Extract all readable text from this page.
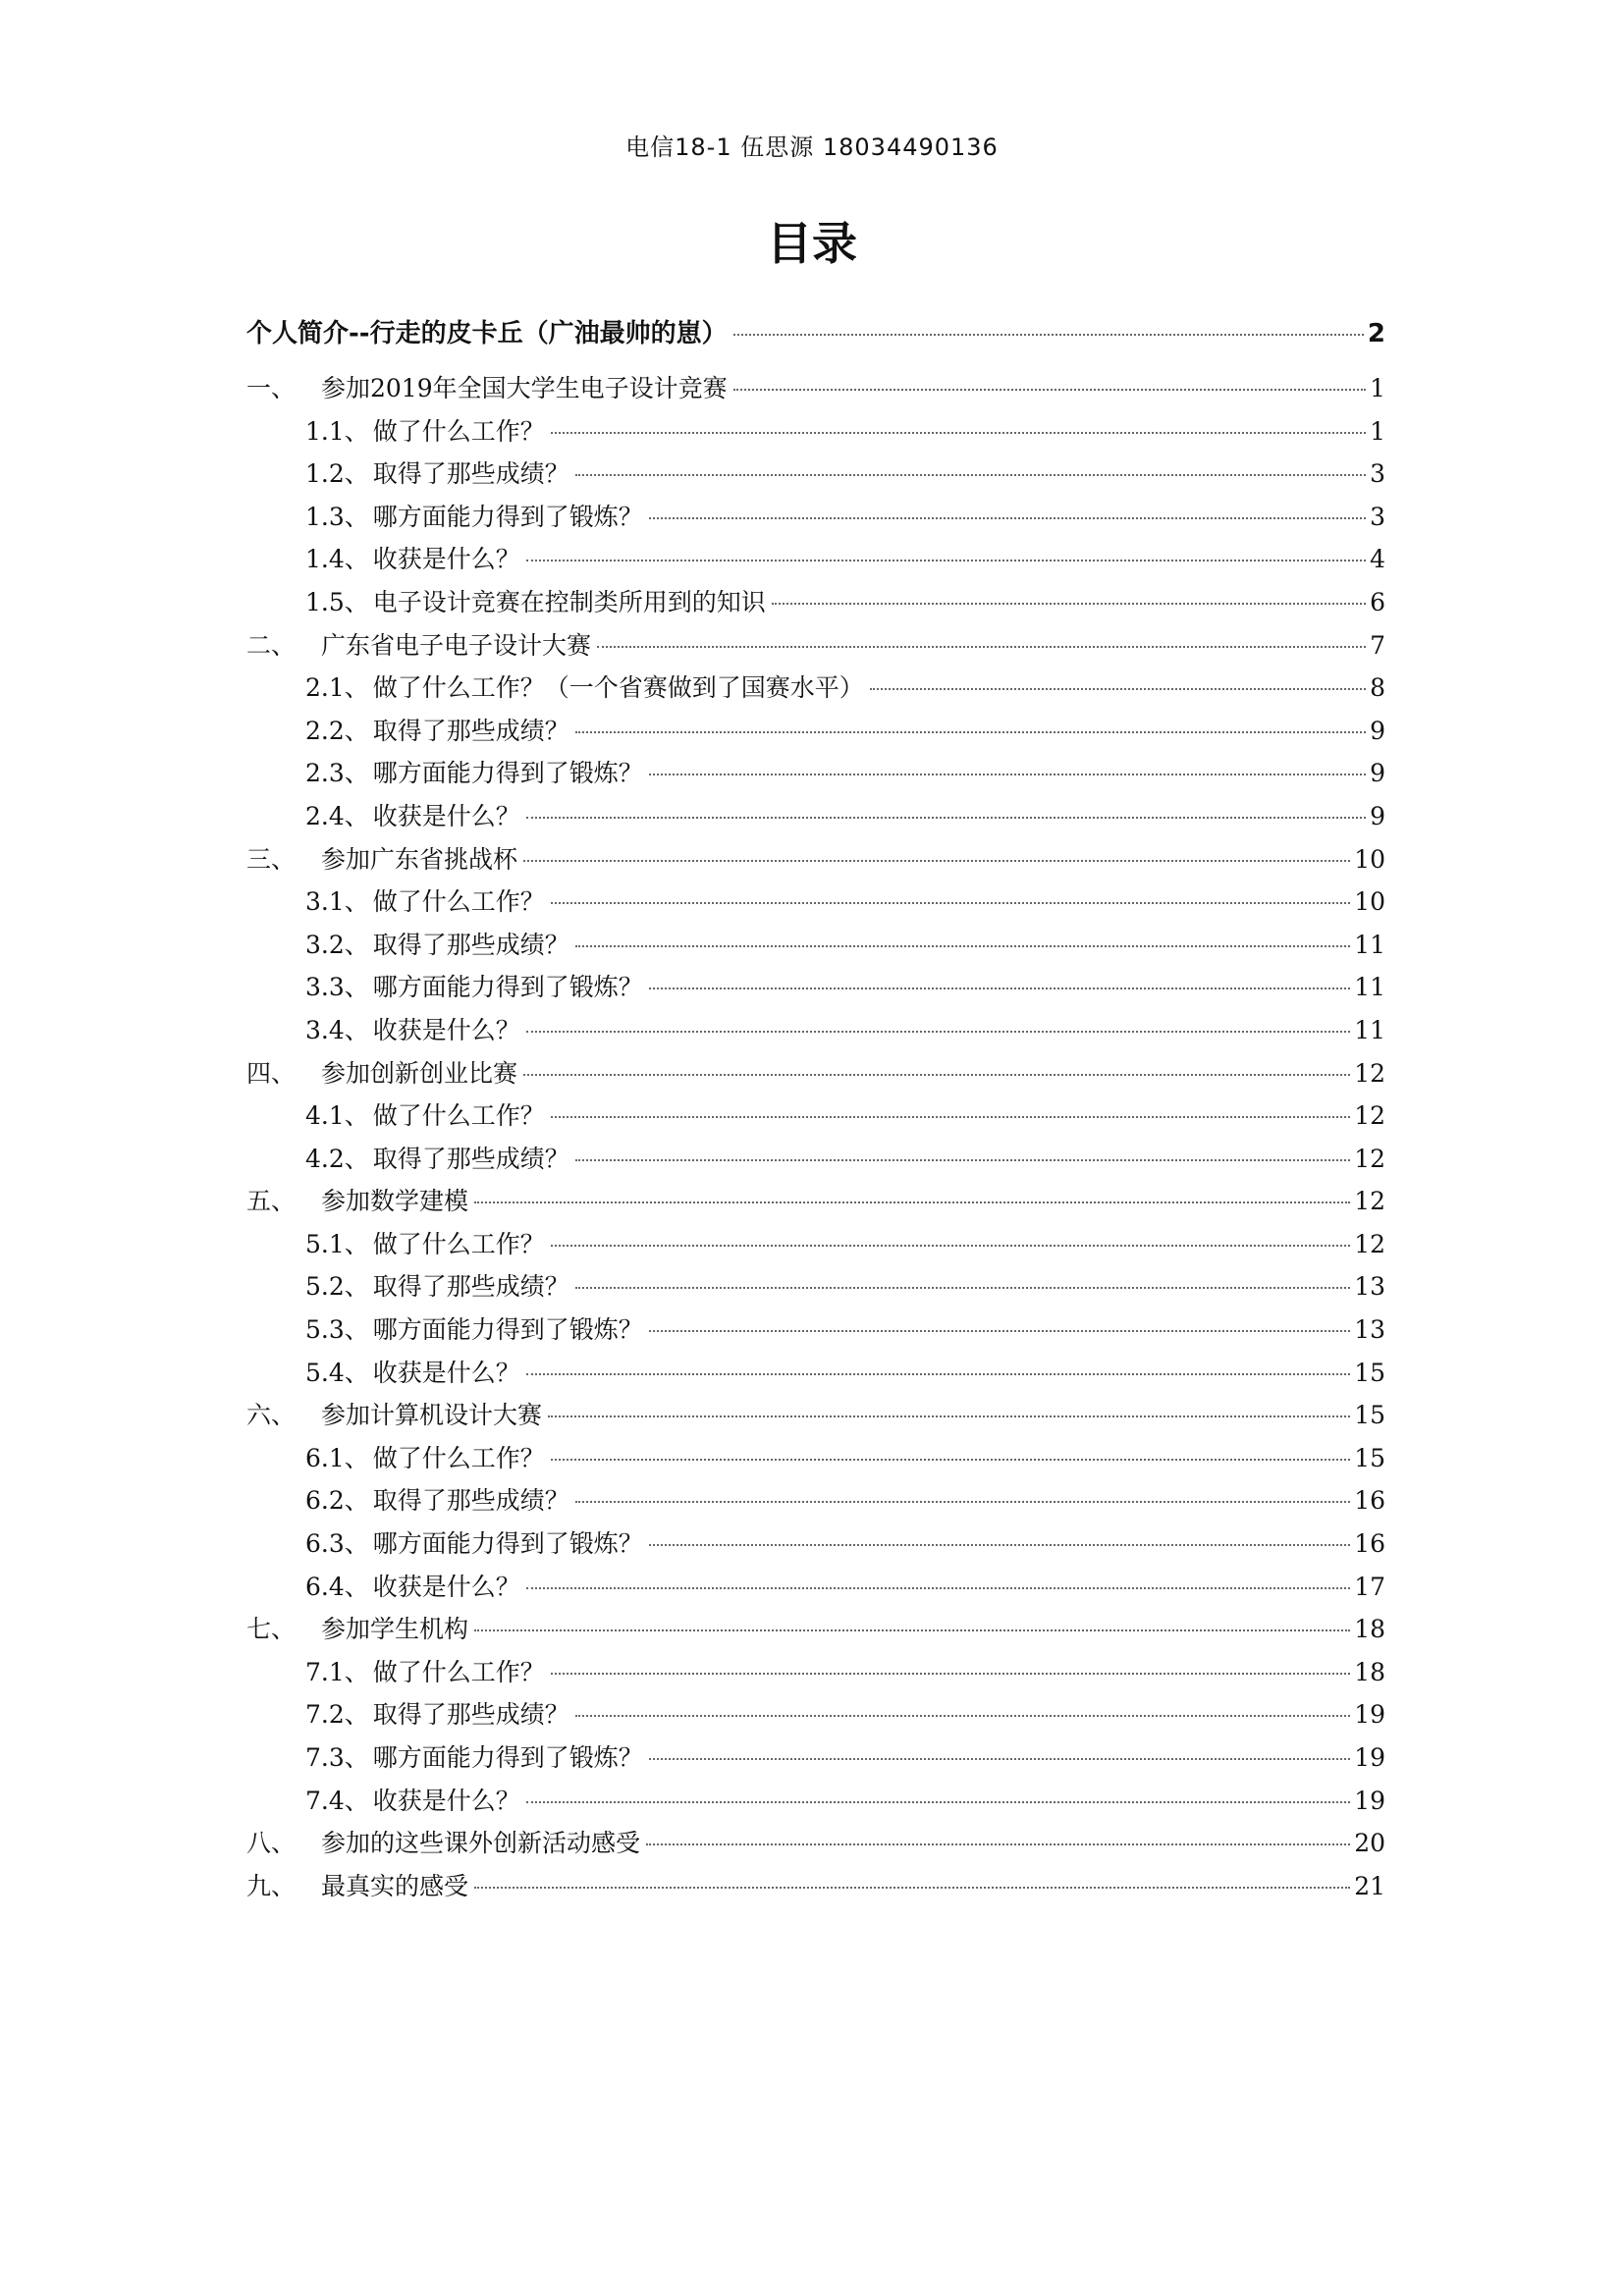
电信18-1 伍思源 18034490136
目录
个人简介--行走的皮卡丘（广油最帅的崽）	2
一、	参加2019年全国大学生电子设计竞赛	1
1.1、 做了什么工作？	1
1.2、 取得了那些成绩？	3
1.3、 哪方面能力得到了锻炼？	3
1.4、 收获是什么？	4
1.5、 电子设计竞赛在控制类所用到的知识	6
二、	广东省电子电子设计大赛	7
2.1、 做了什么工作？（一个省赛做到了国赛水平）	8
2.2、 取得了那些成绩？	9
2.3、 哪方面能力得到了锻炼？	9
2.4、 收获是什么？	9
三、	参加广东省挑战杯	10
3.1、 做了什么工作？	10
3.2、 取得了那些成绩？	11
3.3、 哪方面能力得到了锻炼？	11
3.4、 收获是什么？	11
四、	参加创新创业比赛	12
4.1、 做了什么工作？	12
4.2、 取得了那些成绩？	12
五、	参加数学建模	12
5.1、 做了什么工作？	12
5.2、 取得了那些成绩？	13
5.3、 哪方面能力得到了锻炼？	13
5.4、 收获是什么？	15
六、	参加计算机设计大赛	15
6.1、 做了什么工作？	15
6.2、 取得了那些成绩？	16
6.3、 哪方面能力得到了锻炼？	16
6.4、 收获是什么？	17
七、	参加学生机构	18
7.1、 做了什么工作？	18
7.2、 取得了那些成绩？	19
7.3、 哪方面能力得到了锻炼？	19
7.4、 收获是什么？	19
八、	参加的这些课外创新活动感受	20
九、	最真实的感受	21
